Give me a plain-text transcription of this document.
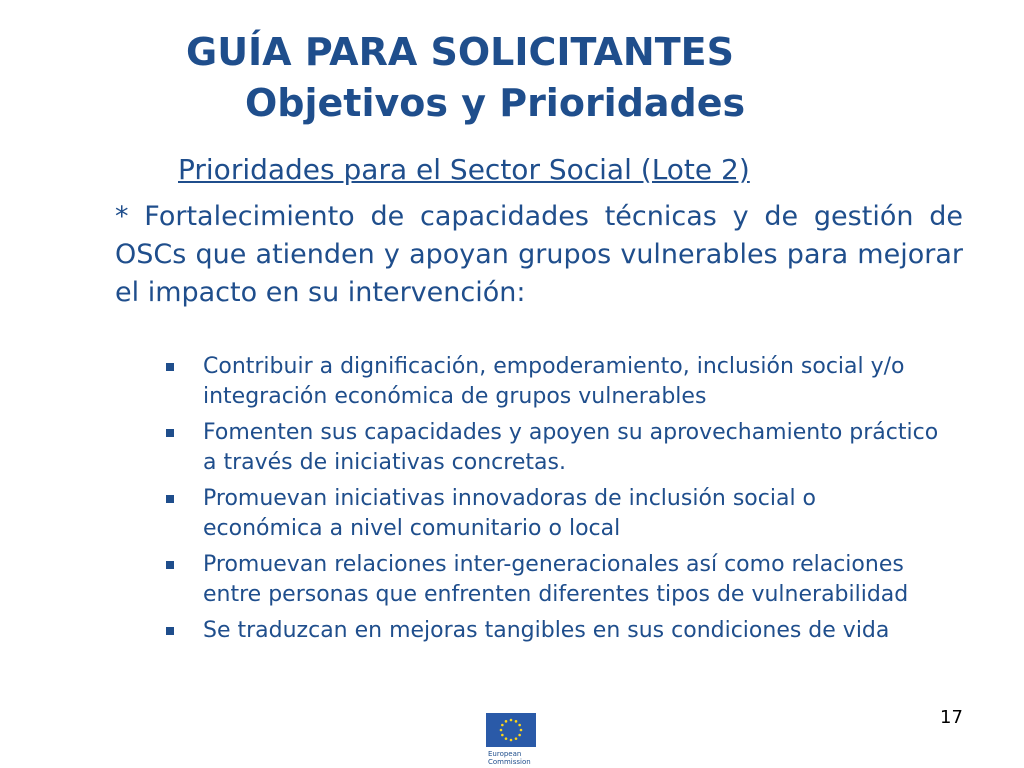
GUÍA PARA SOLICITANTES
Objetivos y Prioridades
Prioridades para el Sector Social (Lote 2)
* Fortalecimiento de capacidades técnicas y de gestión de OSCs que atienden y apoyan grupos vulnerables para mejorar el impacto en su intervención:
Contribuir a dignificación, empoderamiento, inclusión social y/o integración económica de grupos vulnerables
Fomenten sus capacidades y apoyen su aprovechamiento práctico a través de iniciativas concretas.
Promuevan iniciativas innovadoras de inclusión social o económica a nivel comunitario o local
Promuevan relaciones inter-generacionales así como relaciones entre personas que enfrenten diferentes tipos de vulnerabilidad
Se traduzcan en mejoras tangibles en sus condiciones de vida
17
European
Commission
